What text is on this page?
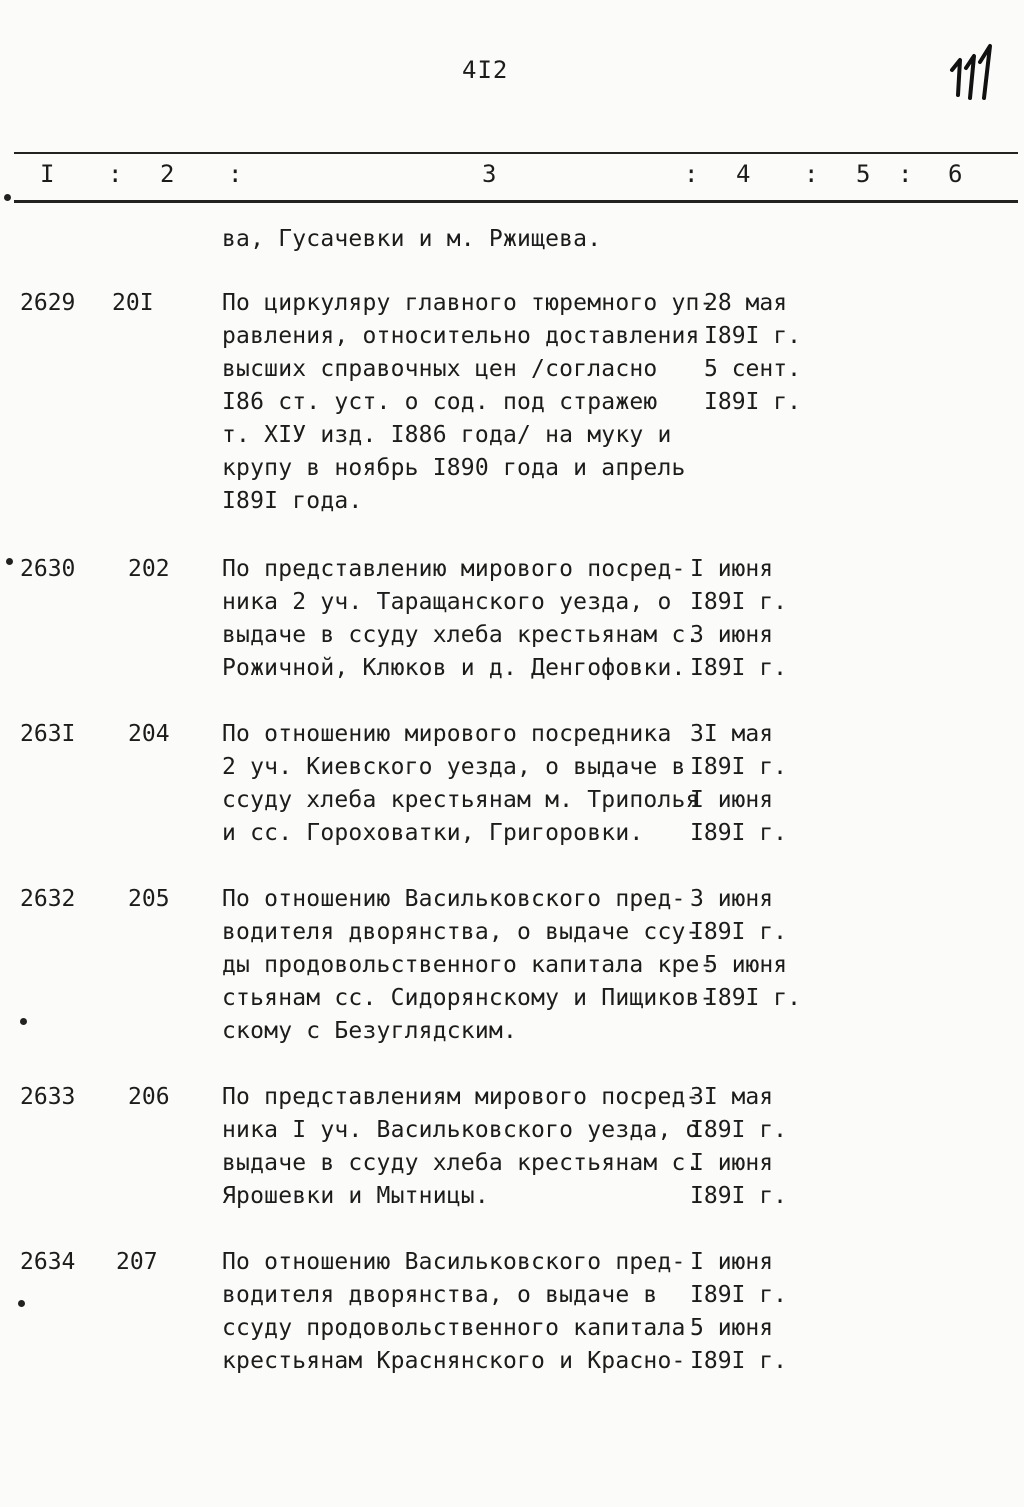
4I2
I : 2 :	3	: 4 : 5 : 6
ва, Гусачевки и м. Ржищева.
2629 20I	По циркуляру главного тюремного уп-
равления, относительно доставления
высших справочных цен /согласно
I86 ст. уст. о сод. под стражею
т. XIУ изд. I886 года/ на муку и
крупу в ноябрь I890 года и апрель
I89I года.
28 мая
I89I г.
5 сент.
I89I г.
2630 202 По представлению мирового посред-
ника 2 уч. Таращанского уезда, о
выдаче в ссуду хлеба крестьянам с.
Рожичной, Клюков и д. Денгофовки.
I июня
I89I г.
3 июня
I89I г.
263I 204 По отношению мирового посредника
2 уч. Киевского уезда, о выдаче в
ссуду хлеба крестьянам м. Триполья
и сс. Гороховатки, Григоровки.
3I мая
I89I г.
I июня
I89I г.
2632 205 По отношению Васильковского пред-
водителя дворянства, о выдаче ссу-
ды продовольственного капитала кре-
стьянам сс. Сидорянскому и Пищиков-
скому с Безуглядским.
3 июня
I89I г.
5 июня
I89I г.
2633 206 По представлениям мирового посред-
ника I уч. Васильковского уезда, о
выдаче в ссуду хлеба крестьянам с.
Ярошевки и Мытницы.
3I мая
I89I г.
I июня
I89I г.
2634 207	По отношению Васильковского пред-
водителя дворянства, о выдаче в
ссуду продовольственного капитала
крестьянам Краснянского и Красно-
I июня
I89I г.
5 июня
I89I г.
